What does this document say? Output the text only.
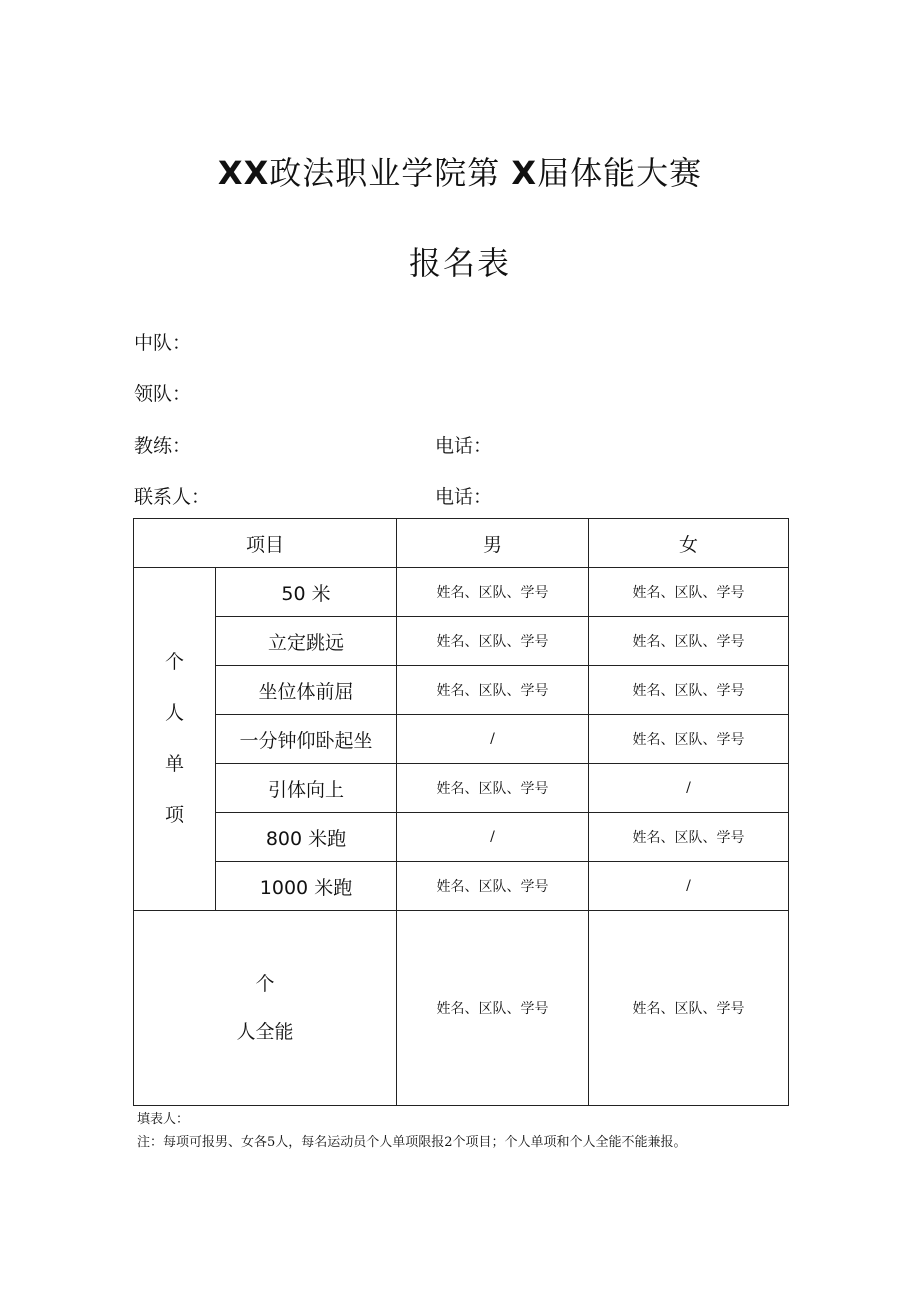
XX政法职业学院第 X届体能大赛
报名表
中队：
领队：
教练：	电话：
联系人：	电话：
项目		男	女

个
人
单
项	50 米	姓名、区队、学号	姓名、区队、学号
	立定跳远	姓名、区队、学号	姓名、区队、学号
	坐位体前屈	姓名、区队、学号	姓名、区队、学号
	一分钟仰卧起坐	/	姓名、区队、学号
	引体向上	姓名、区队、学号	/
	800 米跑	/	姓名、区队、学号
	1000 米跑	姓名、区队、学号	/

个
人全能		姓名、区队、学号	姓名、区队、学号
填表人：
注：每项可报男、女各5人，每名运动员个人单项限报2个项目；个人单项和个人全能不能兼报。
